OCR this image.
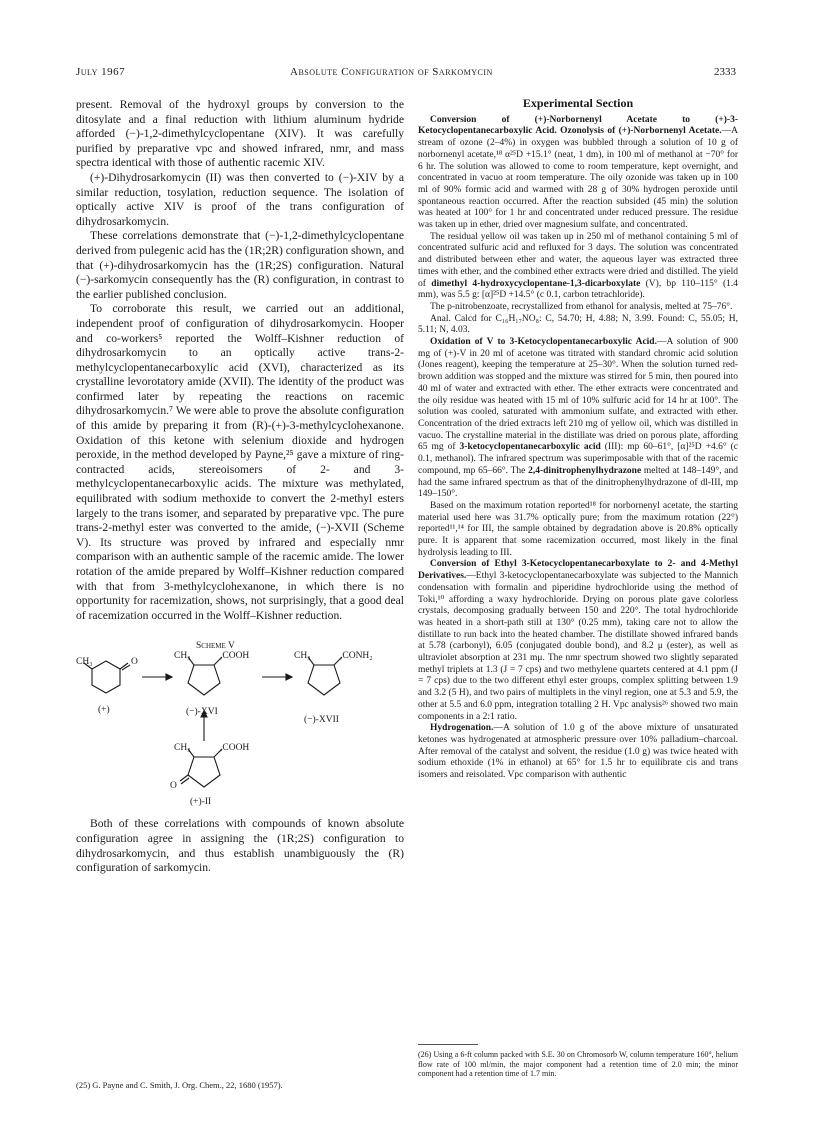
July 1967	Absolute Configuration of Sarkomycin	2333

present. Removal of the hydroxyl groups by conversion to the ditosylate and a final reduction with lithium aluminum hydride afforded (−)-1,2-dimethylcyclopentane (XIV). It was carefully purified by preparative vpc and showed infrared, nmr, and mass spectra identical with those of authentic racemic XIV.

(+)-Dihydrosarkomycin (II) was then converted to (−)-XIV by a similar reduction, tosylation, reduction sequence. The isolation of optically active XIV is proof of the trans configuration of dihydrosarkomycin.

These correlations demonstrate that (−)-1,2-dimethylcyclopentane derived from pulegenic acid has the (1R;2R) configuration shown, and that (+)-dihydrosarkomycin has the (1R;2S) configuration. Natural (−)-sarkomycin consequently has the (R) configuration, in contrast to the earlier published conclusion.

To corroborate this result, we carried out an additional, independent proof of configuration of dihydrosarkomycin. Hooper and co-workers⁵ reported the Wolff–Kishner reduction of dihydrosarkomycin to an optically active trans-2-methylcyclopentanecarboxylic acid (XVI), characterized as its crystalline levorotatory amide (XVII). The identity of the product was confirmed later by repeating the reactions on racemic dihydrosarkomycin.⁷ We were able to prove the absolute configuration of this amide by preparing it from (R)-(+)-3-methylcyclohexanone. Oxidation of this ketone with selenium dioxide and hydrogen peroxide, in the method developed by Payne,²⁵ gave a mixture of ring-contracted acids, stereoisomers of 2- and 3-methylcyclopentanecarboxylic acids. The mixture was methylated, equilibrated with sodium methoxide to convert the 2-methyl esters largely to the trans isomer, and separated by preparative vpc. The pure trans-2-methyl ester was converted to the amide, (−)-XVII (Scheme V). Its structure was proved by infrared and especially nmr comparison with an authentic sample of the racemic amide. The lower rotation of the amide prepared by Wolff–Kishner reduction compared with that from 3-methylcyclohexanone, in which there is no opportunity for racemization, shows, not surprisingly, that a good deal of racemization occurred in the Wolff–Kishner reduction.

Scheme V
CH₃	O
CH₃	,COOH	CH₃	,CONH₂
(+)	(−)-XVI
(−)-XVII
CH₃	,COOH
O
(+)-II

Both of these correlations with compounds of known absolute configuration agree in assigning the (1R;2S) configuration to dihydrosarkomycin, and thus establish unambiguously the (R) configuration of sarkomycin.

(25) G. Payne and C. Smith, J. Org. Chem., 22, 1680 (1957).
Experimental Section

Conversion of (+)-Norbornenyl Acetate to (+)-3-Ketocyclopentanecarboxylic Acid. Ozonolysis of (+)-Norbornenyl Acetate.—A stream of ozone (2–4%) in oxygen was bubbled through a solution of 10 g of norbornenyl acetate,¹⁸ α²⁵D +15.1° (neat, 1 dm), in 100 ml of methanol at −70° for 6 hr. The solution was allowed to come to room temperature, kept overnight, and concentrated in vacuo at room temperature. The oily ozonide was taken up in 100 ml of 90% formic acid and warmed with 28 g of 30% hydrogen peroxide until spontaneous reaction occurred. After the reaction subsided (45 min) the solution was heated at 100° for 1 hr and concentrated under reduced pressure. The residue was taken up in ether, dried over magnesium sulfate, and concentrated.

The residual yellow oil was taken up in 250 ml of methanol containing 5 ml of concentrated sulfuric acid and refluxed for 3 days. The solution was concentrated and distributed between ether and water, the aqueous layer was extracted three times with ether, and the combined ether extracts were dried and distilled. The yield of dimethyl 4-hydroxycyclopentane-1,3-dicarboxylate (V), bp 110–115° (1.4 mm), was 5.5 g: [α]²⁵D +14.5° (c 0.1, carbon tetrachloride).

The p-nitrobenzoate, recrystallized from ethanol for analysis, melted at 75–76°.

Anal. Calcd for C₁₆H₁₇NO₈: C, 54.70; H, 4.88; N, 3.99. Found: C, 55.05; H, 5.11; N, 4.03.

Oxidation of V to 3-Ketocyclopentanecarboxylic Acid.—A solution of 900 mg of (+)-V in 20 ml of acetone was titrated with standard chromic acid solution (Jones reagent), keeping the temperature at 25–30°. When the solution turned red-brown addition was stopped and the mixture was stirred for 5 min, then poured into 40 ml of water and extracted with ether. The ether extracts were concentrated and the oily residue was heated with 15 ml of 10% sulfuric acid for 14 hr at 100°. The solution was cooled, saturated with ammonium sulfate, and extracted with ether. Concentration of the dried extracts left 210 mg of yellow oil, which was distilled in vacuo. The crystalline material in the distillate was dried on porous plate, affording 65 mg of 3-ketocyclopentanecarboxylic acid (III): mp 60–61°, [α]²⁵D +4.6° (c 0.1, methanol). The infrared spectrum was superimposable with that of the racemic compound, mp 65–66°. The 2,4-dinitrophenylhydrazone melted at 148–149°, and had the same infrared spectrum as that of the dinitrophenylhydrazone of dl-III, mp 149–150°.

Based on the maximum rotation reported¹⁸ for norbornenyl acetate, the starting material used here was 31.7% optically pure; from the maximum rotation (22°) reported¹¹,¹⁴ for III, the sample obtained by degradation above is 20.8% optically pure. It is apparent that some racemization occurred, most likely in the final hydrolysis leading to III.

Conversion of Ethyl 3-Ketocyclopentanecarboxylate to 2- and 4-Methyl Derivatives.—Ethyl 3-ketocyclopentanecarboxylate was subjected to the Mannich condensation with formalin and piperidine hydrochloride using the method of Toki,¹⁰ affording a waxy hydrochloride. Drying on porous plate gave colorless crystals, decomposing gradually between 150 and 220°. The total hydrochloride was heated in a short-path still at 130° (0.25 mm), taking care not to allow the distillate to run back into the heated chamber. The distillate showed infrared bands at 5.78 (carbonyl), 6.05 (conjugated double bond), and 8.2 μ (ester), as well as ultraviolet absorption at 231 mμ. The nmr spectrum showed two slightly separated methyl triplets at 1.3 (J = 7 cps) and two methylene quartets centered at 4.1 ppm (J = 7 cps) due to the two different ethyl ester groups, complex splitting between 1.9 and 3.2 (5 H), and two pairs of multiplets in the vinyl region, one at 5.3 and 5.9, the other at 5.5 and 6.0 ppm, integration totalling 2 H. Vpc analysis²⁶ showed two main components in a 2:1 ratio.

Hydrogenation.—A solution of 1.0 g of the above mixture of unsaturated ketones was hydrogenated at atmospheric pressure over 10% palladium–charcoal. After removal of the catalyst and solvent, the residue (1.0 g) was twice heated with sodium ethoxide (1% in ethanol) at 65° for 1.5 hr to equilibrate cis and trans isomers and reisolated. Vpc comparison with authentic

(26) Using a 6-ft column packed with S.E. 30 on Chromosorb W, column temperature 160°, helium flow rate of 100 ml/min, the major component had a retention time of 2.0 min; the minor component had a retention time of 1.7 min.
